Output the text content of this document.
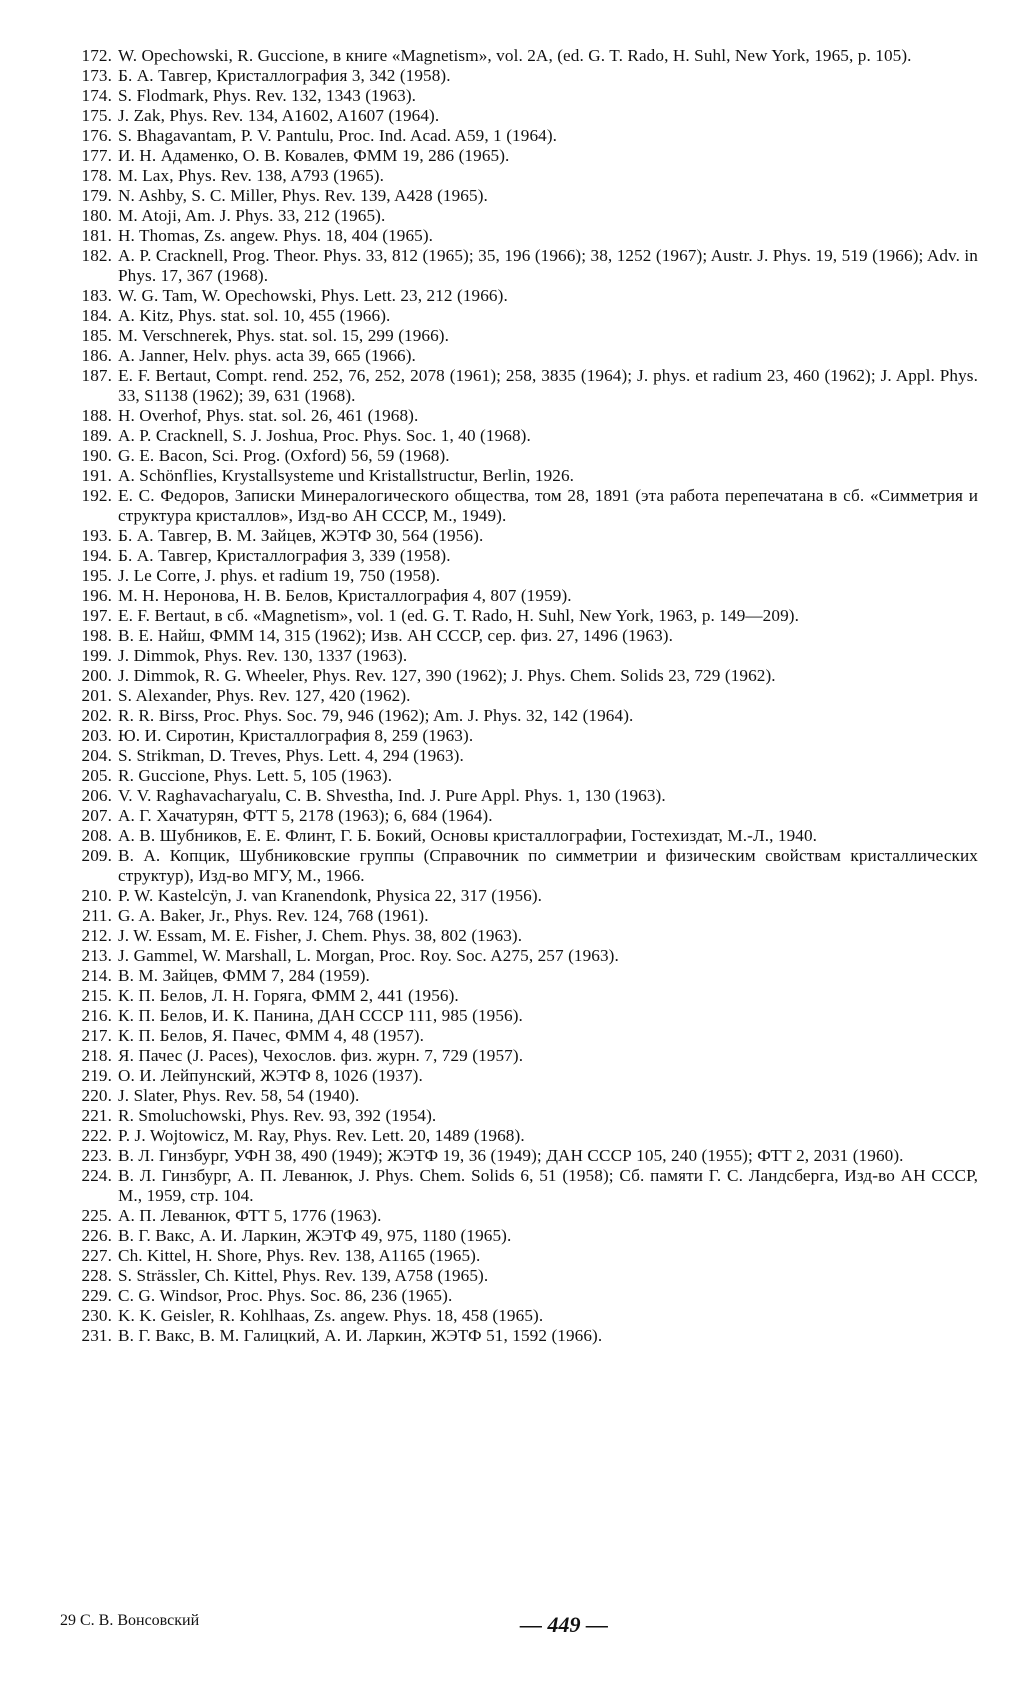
172. W. Opechowski, R. Guccione, в книге «Magnetism», vol. 2A, (ed. G. T. Rado, H. Suhl, New York, 1965, p. 105).
173. Б. А. Тавгер, Кристаллография 3, 342 (1958).
174. S. Flodmark, Phys. Rev. 132, 1343 (1963).
175. J. Zak, Phys. Rev. 134, A1602, A1607 (1964).
176. S. Bhagavantam, P. V. Pantulu, Proc. Ind. Acad. A59, 1 (1964).
177. И. Н. Адаменко, О. В. Ковалев, ФММ 19, 286 (1965).
178. M. Lax, Phys. Rev. 138, A793 (1965).
179. N. Ashby, S. C. Miller, Phys. Rev. 139, A428 (1965).
180. M. Atoji, Am. J. Phys. 33, 212 (1965).
181. H. Thomas, Zs. angew. Phys. 18, 404 (1965).
182. A. P. Cracknell, Prog. Theor. Phys. 33, 812 (1965); 35, 196 (1966); 38, 1252 (1967); Austr. J. Phys. 19, 519 (1966); Adv. in Phys. 17, 367 (1968).
183. W. G. Tam, W. Opechowski, Phys. Lett. 23, 212 (1966).
184. A. Kitz, Phys. stat. sol. 10, 455 (1966).
185. M. Verschnerek, Phys. stat. sol. 15, 299 (1966).
186. A. Janner, Helv. phys. acta 39, 665 (1966).
187. E. F. Bertaut, Compt. rend. 252, 76, 252, 2078 (1961); 258, 3835 (1964); J. phys. et radium 23, 460 (1962); J. Appl. Phys. 33, S1138 (1962); 39, 631 (1968).
188. H. Overhof, Phys. stat. sol. 26, 461 (1968).
189. A. P. Cracknell, S. J. Joshua, Proc. Phys. Soc. 1, 40 (1968).
190. G. E. Bacon, Sci. Prog. (Oxford) 56, 59 (1968).
191. A. Schönflies, Krystallsysteme und Kristallstructur, Berlin, 1926.
192. Е. С. Федоров, Записки Минералогического общества, том 28, 1891 (эта работа перепечатана в сб. «Симметрия и структура кристаллов», Изд-во АН СССР, М., 1949).
193. Б. А. Тавгер, В. М. Зайцев, ЖЭТФ 30, 564 (1956).
194. Б. А. Тавгер, Кристаллография 3, 339 (1958).
195. J. Le Corre, J. phys. et radium 19, 750 (1958).
196. М. Н. Неронова, Н. В. Белов, Кристаллография 4, 807 (1959).
197. E. F. Bertaut, в сб. «Magnetism», vol. 1 (ed. G. T. Rado, H. Suhl, New York, 1963, p. 149—209).
198. В. Е. Найш, ФММ 14, 315 (1962); Изв. АН СССР, сер. физ. 27, 1496 (1963).
199. J. Dimmok, Phys. Rev. 130, 1337 (1963).
200. J. Dimmok, R. G. Wheeler, Phys. Rev. 127, 390 (1962); J. Phys. Chem. Solids 23, 729 (1962).
201. S. Alexander, Phys. Rev. 127, 420 (1962).
202. R. R. Birss, Proc. Phys. Soc. 79, 946 (1962); Am. J. Phys. 32, 142 (1964).
203. Ю. И. Сиротин, Кристаллография 8, 259 (1963).
204. S. Strikman, D. Treves, Phys. Lett. 4, 294 (1963).
205. R. Guccione, Phys. Lett. 5, 105 (1963).
206. V. V. Raghavacharyalu, C. B. Shvestha, Ind. J. Pure Appl. Phys. 1, 130 (1963).
207. А. Г. Хачатурян, ФТТ 5, 2178 (1963); 6, 684 (1964).
208. А. В. Шубников, Е. Е. Флинт, Г. Б. Бокий, Основы кристаллографии, Гостехиздат, М.-Л., 1940.
209. В. А. Копцик, Шубниковские группы (Справочник по симметрии и физическим свойствам кристаллических структур), Изд-во МГУ, М., 1966.
210. P. W. Kastelcÿn, J. van Kranendonk, Physica 22, 317 (1956).
211. G. A. Baker, Jr., Phys. Rev. 124, 768 (1961).
212. J. W. Essam, M. E. Fisher, J. Chem. Phys. 38, 802 (1963).
213. J. Gammel, W. Marshall, L. Morgan, Proc. Roy. Soc. A275, 257 (1963).
214. В. М. Зайцев, ФММ 7, 284 (1959).
215. К. П. Белов, Л. Н. Горяга, ФММ 2, 441 (1956).
216. К. П. Белов, И. К. Панина, ДАН СССР 111, 985 (1956).
217. К. П. Белов, Я. Пачес, ФММ 4, 48 (1957).
218. Я. Пачес (J. Paces), Чехослов. физ. журн. 7, 729 (1957).
219. О. И. Лейпунский, ЖЭТФ 8, 1026 (1937).
220. J. Slater, Phys. Rev. 58, 54 (1940).
221. R. Smoluchowski, Phys. Rev. 93, 392 (1954).
222. P. J. Wojtowicz, M. Ray, Phys. Rev. Lett. 20, 1489 (1968).
223. В. Л. Гинзбург, УФН 38, 490 (1949); ЖЭТФ 19, 36 (1949); ДАН СССР 105, 240 (1955); ФТТ 2, 2031 (1960).
224. В. Л. Гинзбург, А. П. Леванюк, J. Phys. Chem. Solids 6, 51 (1958); Сб. памяти Г. С. Ландсберга, Изд-во АН СССР, М., 1959, стр. 104.
225. А. П. Леванюк, ФТТ 5, 1776 (1963).
226. В. Г. Вакс, А. И. Ларкин, ЖЭТФ 49, 975, 1180 (1965).
227. Ch. Kittel, H. Shore, Phys. Rev. 138, A1165 (1965).
228. S. Strässler, Ch. Kittel, Phys. Rev. 139, A758 (1965).
229. C. G. Windsor, Proc. Phys. Soc. 86, 236 (1965).
230. K. K. Geisler, R. Kohlhaas, Zs. angew. Phys. 18, 458 (1965).
231. В. Г. Вакс, В. М. Галицкий, А. И. Ларкин, ЖЭТФ 51, 1592 (1966).
29 С. В. Вонсовский	— 449 —
